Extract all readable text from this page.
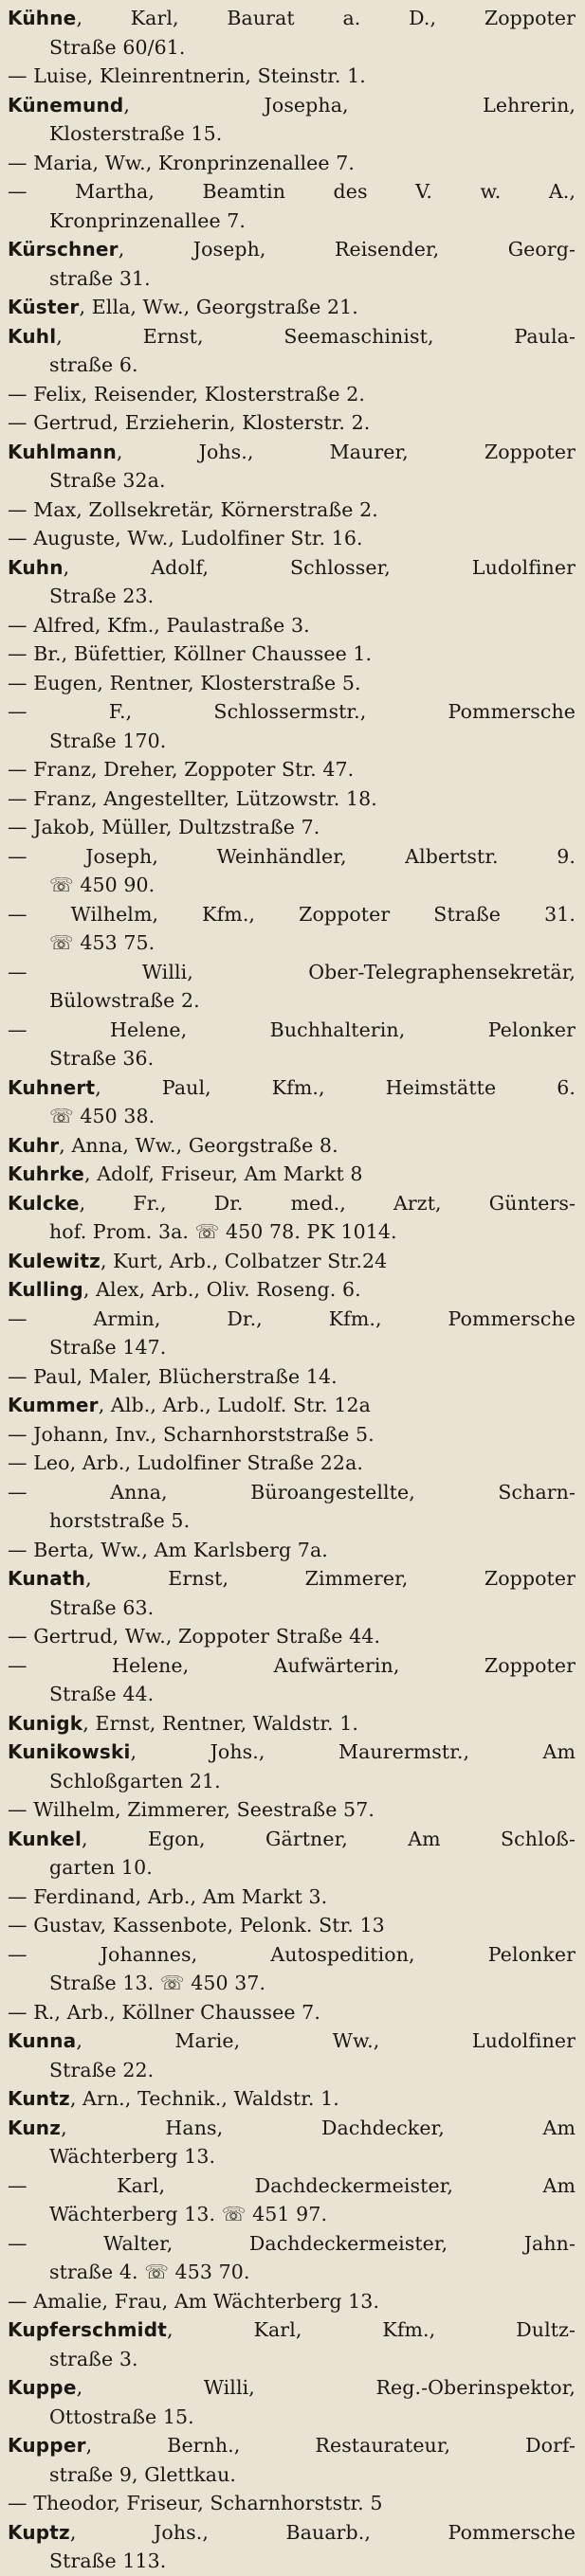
Kühne, Karl, Baurat a. D., Zoppoter
Straße 60/61.
— Luise, Kleinrentnerin, Steinstr. 1.
Künemund, Josepha, Lehrerin,
Klosterstraße 15.
— Maria, Ww., Kronprinzenallee 7.
— Martha, Beamtin des V. w. A.,
Kronprinzenallee 7.
Kürschner, Joseph, Reisender, Georg-
straße 31.
Küster, Ella, Ww., Georgstraße 21.
Kuhl, Ernst, Seemaschinist, Paula-
straße 6.
— Felix, Reisender, Klosterstraße 2.
— Gertrud, Erzieherin, Klosterstr. 2.
Kuhlmann, Johs., Maurer, Zoppoter
Straße 32a.
— Max, Zollsekretär, Körnerstraße 2.
— Auguste, Ww., Ludolfiner Str. 16.
Kuhn, Adolf, Schlosser, Ludolfiner
Straße 23.
— Alfred, Kfm., Paulastraße 3.
— Br., Büfettier, Köllner Chaussee 1.
— Eugen, Rentner, Klosterstraße 5.
— F., Schlossermstr., Pommersche
Straße 170.
— Franz, Dreher, Zoppoter Str. 47.
— Franz, Angestellter, Lützowstr. 18.
— Jakob, Müller, Dultzstraße 7.
— Joseph, Weinhändler, Albertstr. 9.
☏ 450 90.
— Wilhelm, Kfm., Zoppoter Straße 31.
☏ 453 75.
— Willi, Ober-Telegraphensekretär,
Bülowstraße 2.
— Helene, Buchhalterin, Pelonker
Straße 36.
Kuhnert, Paul, Kfm., Heimstätte 6.
☏ 450 38.
Kuhr, Anna, Ww., Georgstraße 8.
Kuhrke, Adolf, Friseur, Am Markt 8
Kulcke, Fr., Dr. med., Arzt, Günters-
hof. Prom. 3a. ☏ 450 78. PK 1014.
Kulewitz, Kurt, Arb., Colbatzer Str.24
Kulling, Alex, Arb., Oliv. Roseng. 6.
— Armin, Dr., Kfm., Pommersche
Straße 147.
— Paul, Maler, Blücherstraße 14.
Kummer, Alb., Arb., Ludolf. Str. 12a
— Johann, Inv., Scharnhorststraße 5.
— Leo, Arb., Ludolfiner Straße 22a.
— Anna, Büroangestellte, Scharn-
horststraße 5.
— Berta, Ww., Am Karlsberg 7a.
Kunath, Ernst, Zimmerer, Zoppoter
Straße 63.
— Gertrud, Ww., Zoppoter Straße 44.
— Helene, Aufwärterin, Zoppoter
Straße 44.
Kunigk, Ernst, Rentner, Waldstr. 1.
Kunikowski, Johs., Maurermstr., Am
Schloßgarten 21.
— Wilhelm, Zimmerer, Seestraße 57.
Kunkel, Egon, Gärtner, Am Schloß-
garten 10.
— Ferdinand, Arb., Am Markt 3.
— Gustav, Kassenbote, Pelonk. Str. 13
— Johannes, Autospedition, Pelonker
Straße 13. ☏ 450 37.
— R., Arb., Köllner Chaussee 7.
Kunna, Marie, Ww., Ludolfiner
Straße 22.
Kuntz, Arn., Technik., Waldstr. 1.
Kunz, Hans, Dachdecker, Am
Wächterberg 13.
— Karl, Dachdeckermeister, Am
Wächterberg 13. ☏ 451 97.
— Walter, Dachdeckermeister, Jahn-
straße 4. ☏ 453 70.
— Amalie, Frau, Am Wächterberg 13.
Kupferschmidt, Karl, Kfm., Dultz-
straße 3.
Kuppe, Willi, Reg.-Oberinspektor,
Ottostraße 15.
Kupper, Bernh., Restaurateur, Dorf-
straße 9, Glettkau.
— Theodor, Friseur, Scharnhorststr. 5
Kuptz, Johs., Bauarb., Pommersche
Straße 113.
